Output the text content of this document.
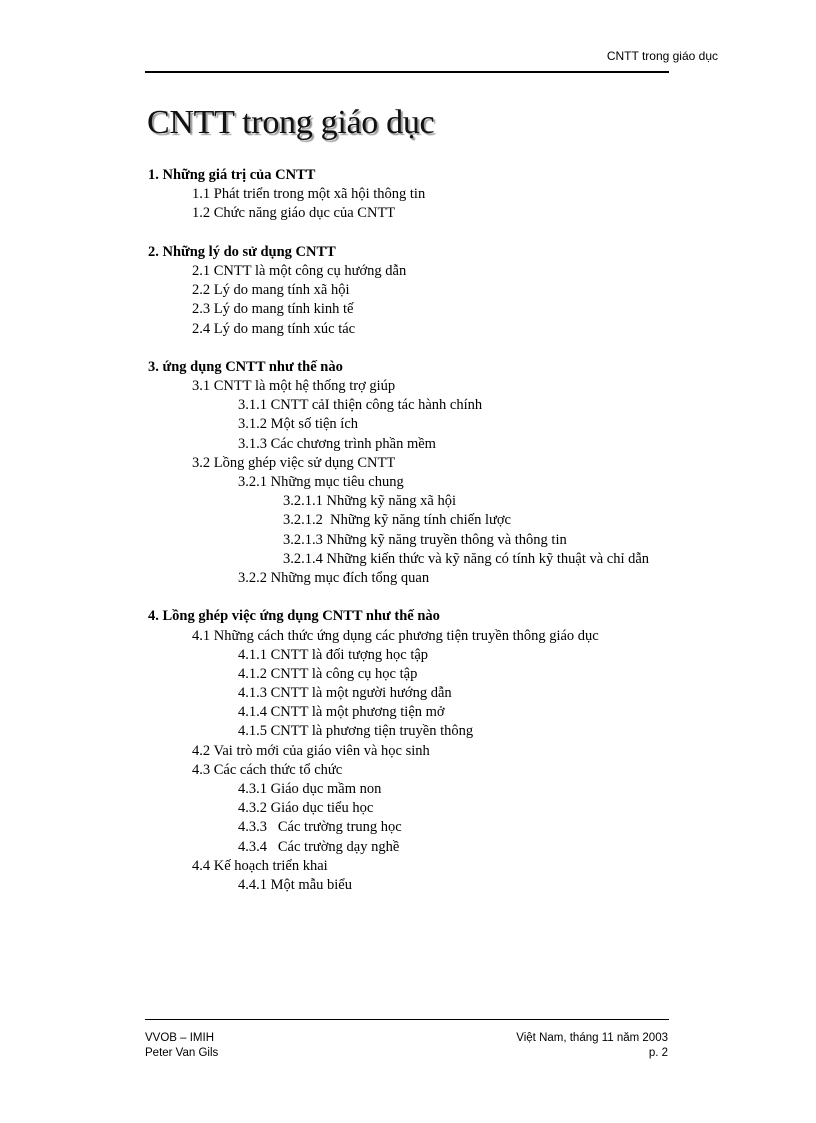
CNTT trong giáo dục
CNTT trong giáo dục
1. Những giá trị của CNTT
1.1 Phát triển trong một xã hội thông tin
1.2 Chức năng giáo dục của CNTT
2. Những lý do sử dụng CNTT
2.1 CNTT là một công cụ hướng dẫn
2.2 Lý do mang tính xã hội
2.3 Lý do mang tính kinh tế
2.4 Lý do mang tính xúc tác
3. ứng dụng CNTT như thế nào
3.1 CNTT là một hệ thống trợ giúp
3.1.1 CNTT cảI thiện công tác hành chính
3.1.2 Một số tiện ích
3.1.3 Các chương trình phần mềm
3.2 Lồng ghép việc sử dụng CNTT
3.2.1 Những mục tiêu chung
3.2.1.1 Những kỹ năng xã hội
3.2.1.2  Những kỹ năng tính chiến lược
3.2.1.3 Những kỹ năng truyền thông và thông tin
3.2.1.4 Những kiến thức và kỹ năng có tính kỹ thuật và chỉ dẫn
3.2.2 Những mục đích tổng quan
4. Lồng ghép việc ứng dụng CNTT như thế nào
4.1 Những cách thức ứng dụng các phương tiện truyền thông giáo dục
4.1.1 CNTT là đối tượng học tập
4.1.2 CNTT là công cụ học tập
4.1.3 CNTT là một người hướng dẫn
4.1.4 CNTT là một phương tiện mở
4.1.5 CNTT là phương tiện truyền thông
4.2 Vai trò mới của giáo viên và học sinh
4.3 Các cách thức tổ chức
4.3.1 Giáo dục mầm non
4.3.2 Giáo dục tiểu học
4.3.3   Các trường trung học
4.3.4   Các trường dạy nghề
4.4 Kế hoạch triển khai
4.4.1 Một mẫu biểu
VVOB – IMIH
Peter Van Gils
Việt Nam, tháng 11 năm 2003
p. 2
